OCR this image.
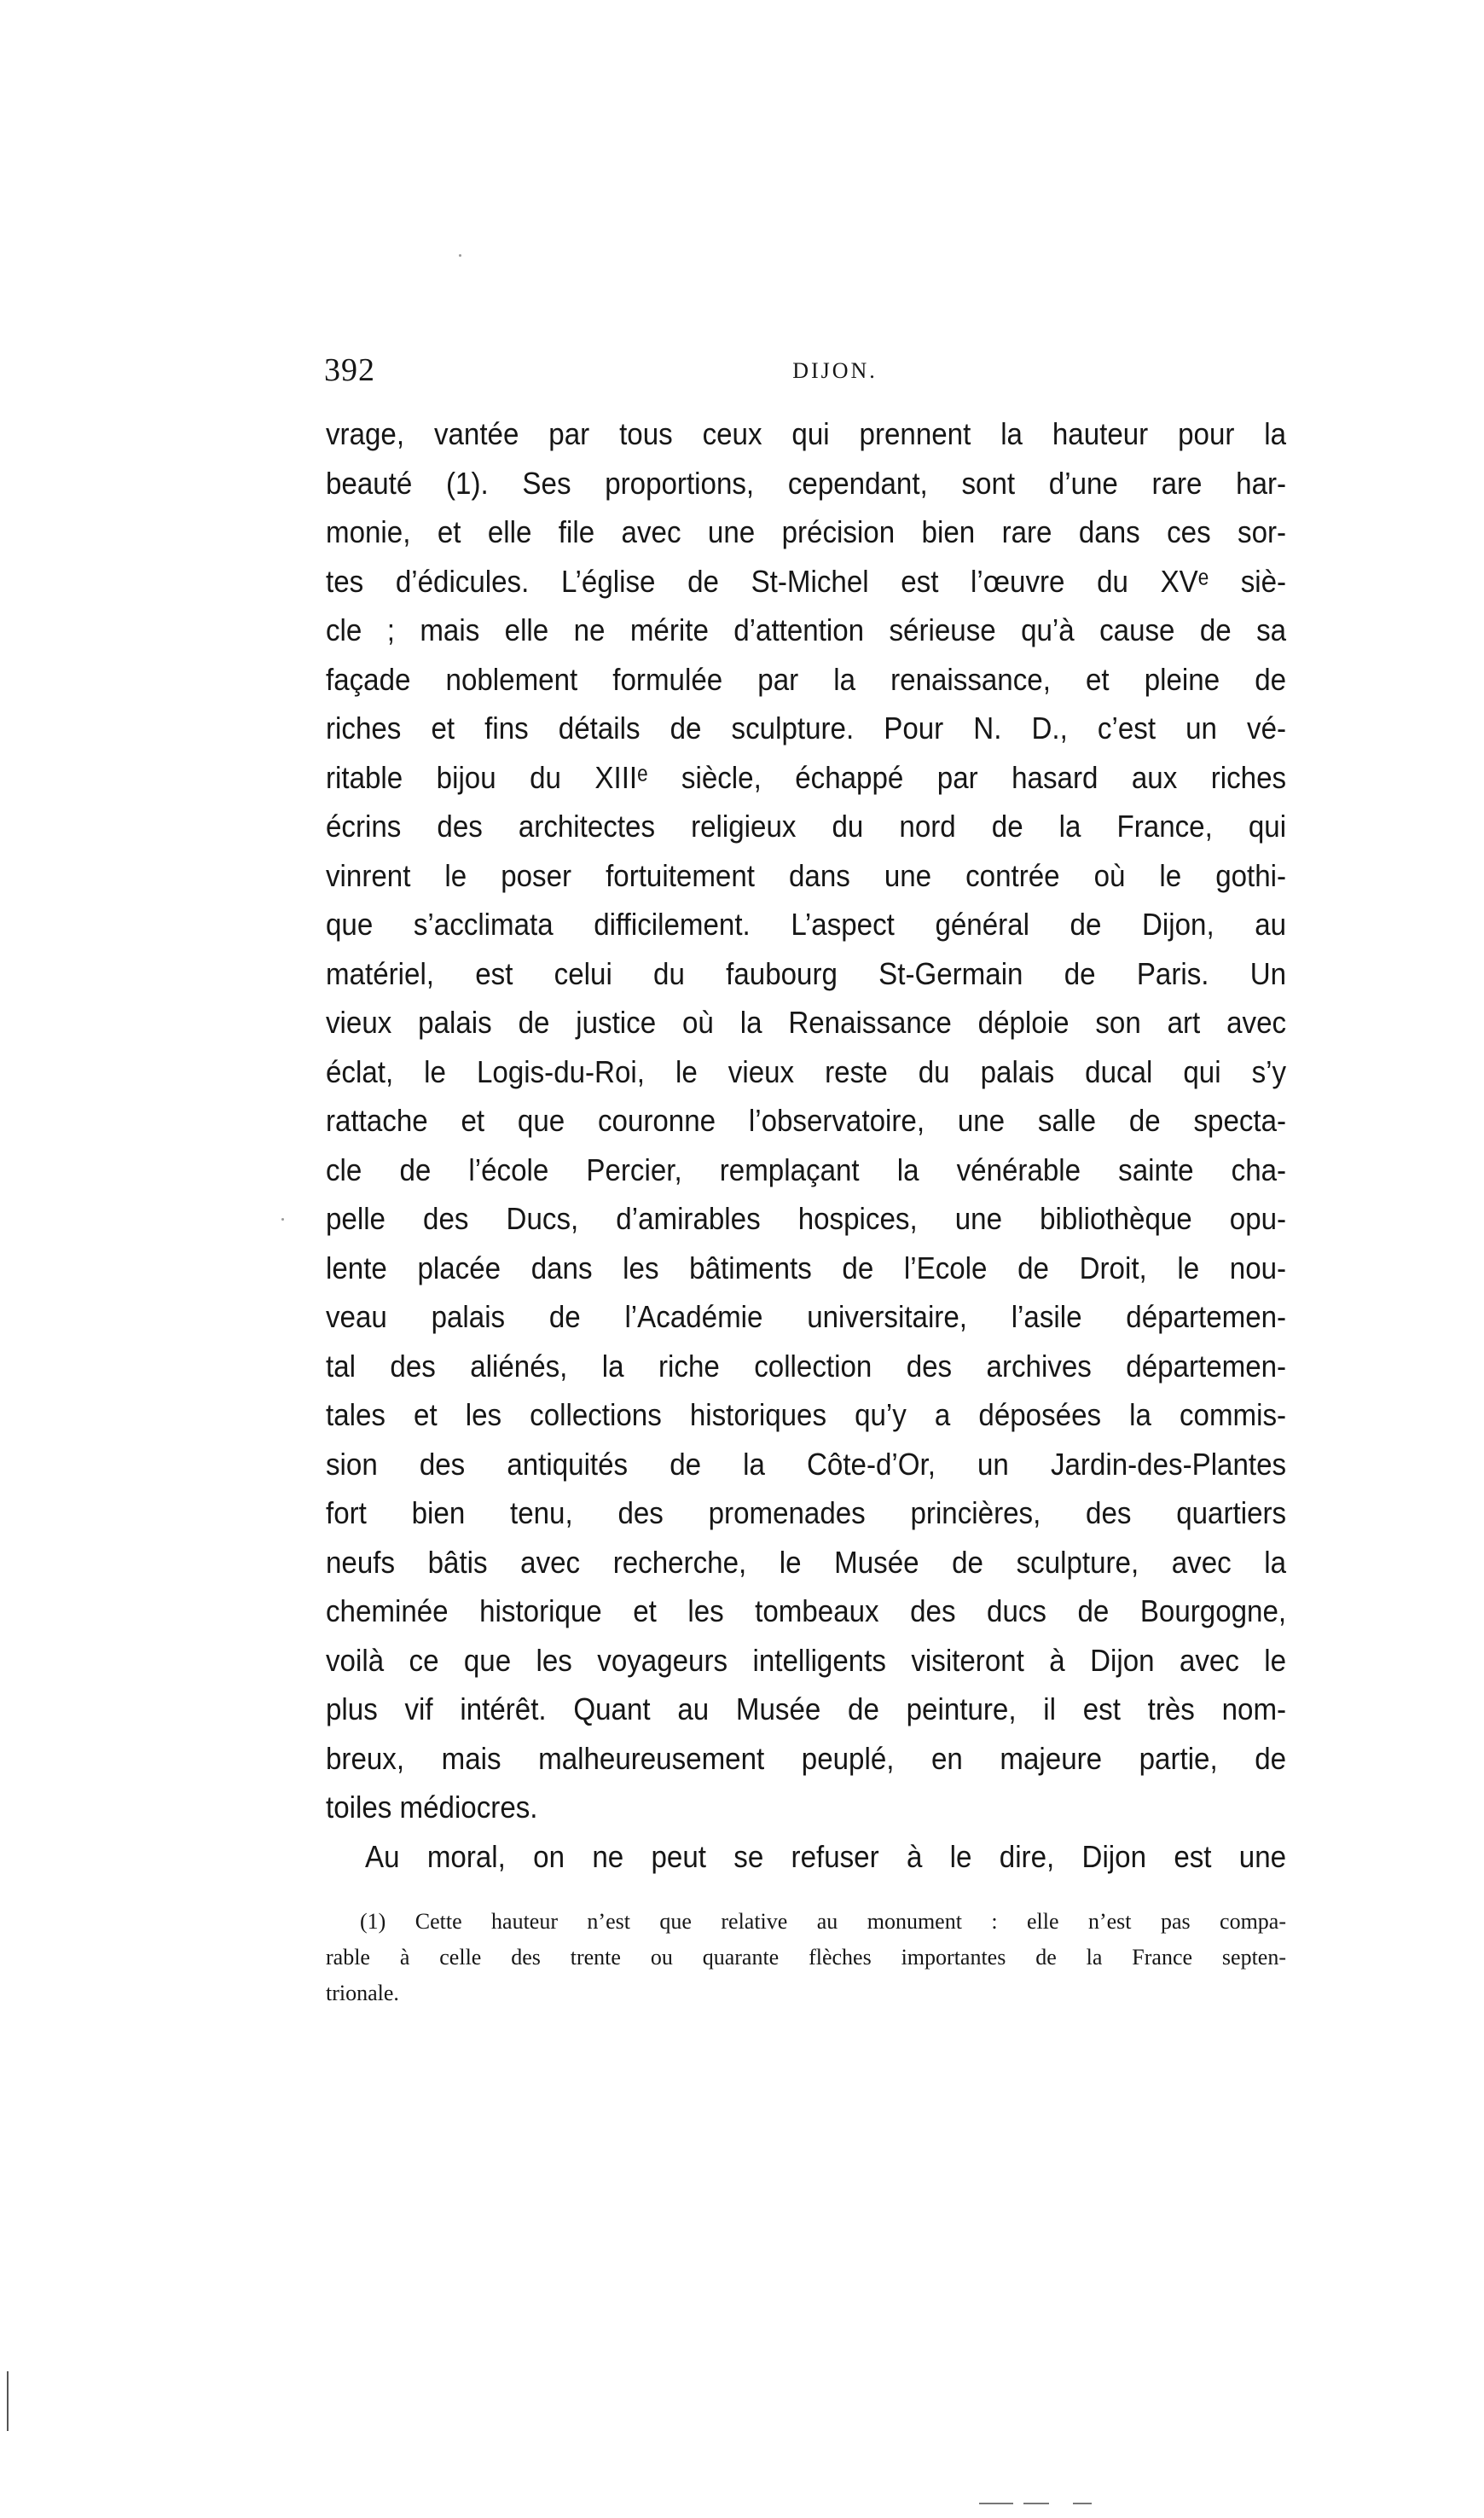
392	DIJON.
vrage, vantée par tous ceux qui prennent la hauteur pour la
beauté (1). Ses proportions, cependant, sont d’une rare har-
monie, et elle file avec une précision bien rare dans ces sor-
tes d’édicules. L’église de St-Michel est l’œuvre du XVᵉ siè-
cle ; mais elle ne mérite d’attention sérieuse qu’à cause de sa
façade noblement formulée par la renaissance, et pleine de
riches et fins détails de sculpture. Pour N. D., c’est un vé-
ritable bijou du XIIIᵉ siècle, échappé par hasard aux riches
écrins des architectes religieux du nord de la France, qui
vinrent le poser fortuitement dans une contrée où le gothi-
que s’acclimata difficilement. L’aspect général de Dijon, au
matériel, est celui du faubourg St-Germain de Paris. Un
vieux palais de justice où la Renaissance déploie son art avec
éclat, le Logis-du-Roi, le vieux reste du palais ducal qui s’y
rattache et que couronne l’observatoire, une salle de specta-
cle de l’école Percier, remplaçant la vénérable sainte cha-
pelle des Ducs, d’amirables hospices, une bibliothèque opu-
lente placée dans les bâtiments de l’Ecole de Droit, le nou-
veau palais de l’Académie universitaire, l’asile départemen-
tal des aliénés, la riche collection des archives départemen-
tales et les collections historiques qu’y a déposées la commis-
sion des antiquités de la Côte-d’Or, un Jardin-des-Plantes
fort bien tenu, des promenades princières, des quartiers
neufs bâtis avec recherche, le Musée de sculpture, avec la
cheminée historique et les tombeaux des ducs de Bourgogne,
voilà ce que les voyageurs intelligents visiteront à Dijon avec le
plus vif intérêt. Quant au Musée de peinture, il est très nom-
breux, mais malheureusement peuplé, en majeure partie, de
toiles médiocres.
Au moral, on ne peut se refuser à le dire, Dijon est une
(1) Cette hauteur n’est que relative au monument : elle n’est pas compa-
rable à celle des trente ou quarante flèches importantes de la France septen-
trionale.
